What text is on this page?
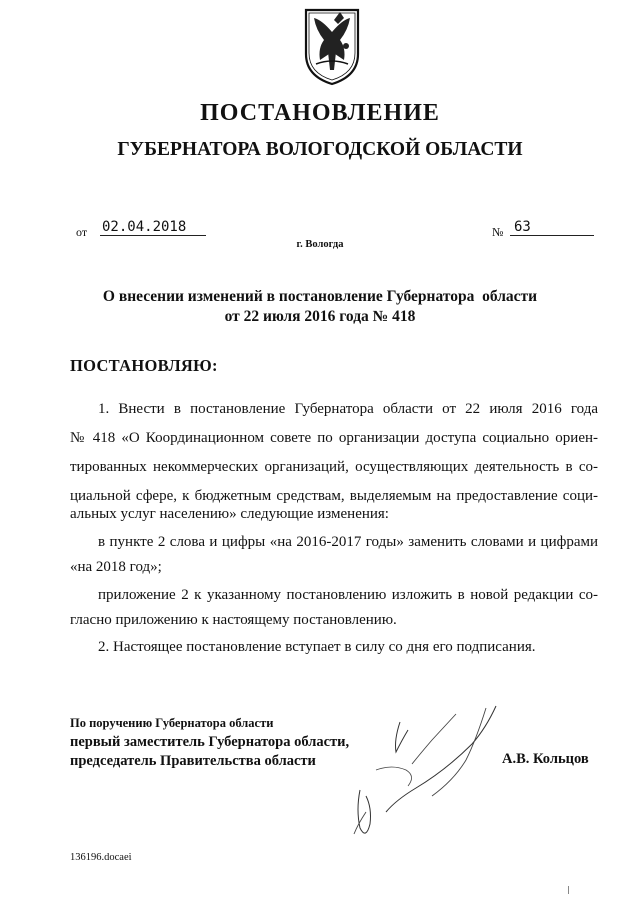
ПОСТАНОВЛЕНИЕ
ГУБЕРНАТОРА ВОЛОГОДСКОЙ ОБЛАСТИ
от 02.04.2018	№ 63
г. Вологда
О внесении изменений в постановление Губернатора  области
от 22 июля 2016 года № 418
ПОСТАНОВЛЯЮ:
1. Внести в постановление Губернатора области от 22 июля 2016 года
№ 418 «О Координационном совете по организации доступа социально ориен-
тированных некоммерческих организаций, осуществляющих деятельность в со-
циальной сфере, к бюджетным средствам, выделяемым на предоставление соци-
альных услуг населению» следующие изменения:
в пункте 2 слова и цифры «на 2016-2017 годы» заменить словами и цифрами
«на 2018 год»;
приложение 2 к указанному постановлению изложить в новой редакции со-
гласно приложению к настоящему постановлению.
2. Настоящее постановление вступает в силу со дня его подписания.
По поручению Губернатора области
первый заместитель Губернатора области,
председатель Правительства области	А.В. Кольцов
136196.docaei
